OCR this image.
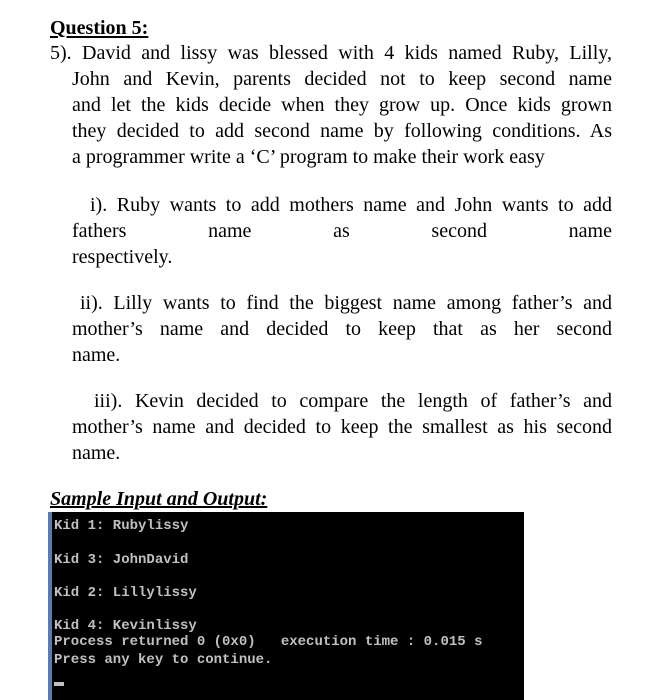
Question 5:
5). David and lissy was blessed with 4 kids named Ruby, Lilly,
John and Kevin, parents decided not to keep second name
and let the kids decide when they grow up. Once kids grown
they decided to add second name by following conditions. As
a programmer write a ‘C’ program to make their work easy
i). Ruby wants to add mothers name and John wants to add
fathers	name	as	second	name
respectively.
ii). Lilly wants to find the biggest name among father’s and
mother’s name and decided to keep that as her second
name.
iii). Kevin decided to compare the length of father’s and
mother’s name and decided to keep the smallest as his second
name.
Sample Input and Output:
Kid 1: Rubylissy
Kid 3: JohnDavid
Kid 2: Lillylissy
Kid 4: Kevinlissy
Process returned 0 (0x0)   execution time : 0.015 s
Press any key to continue.
